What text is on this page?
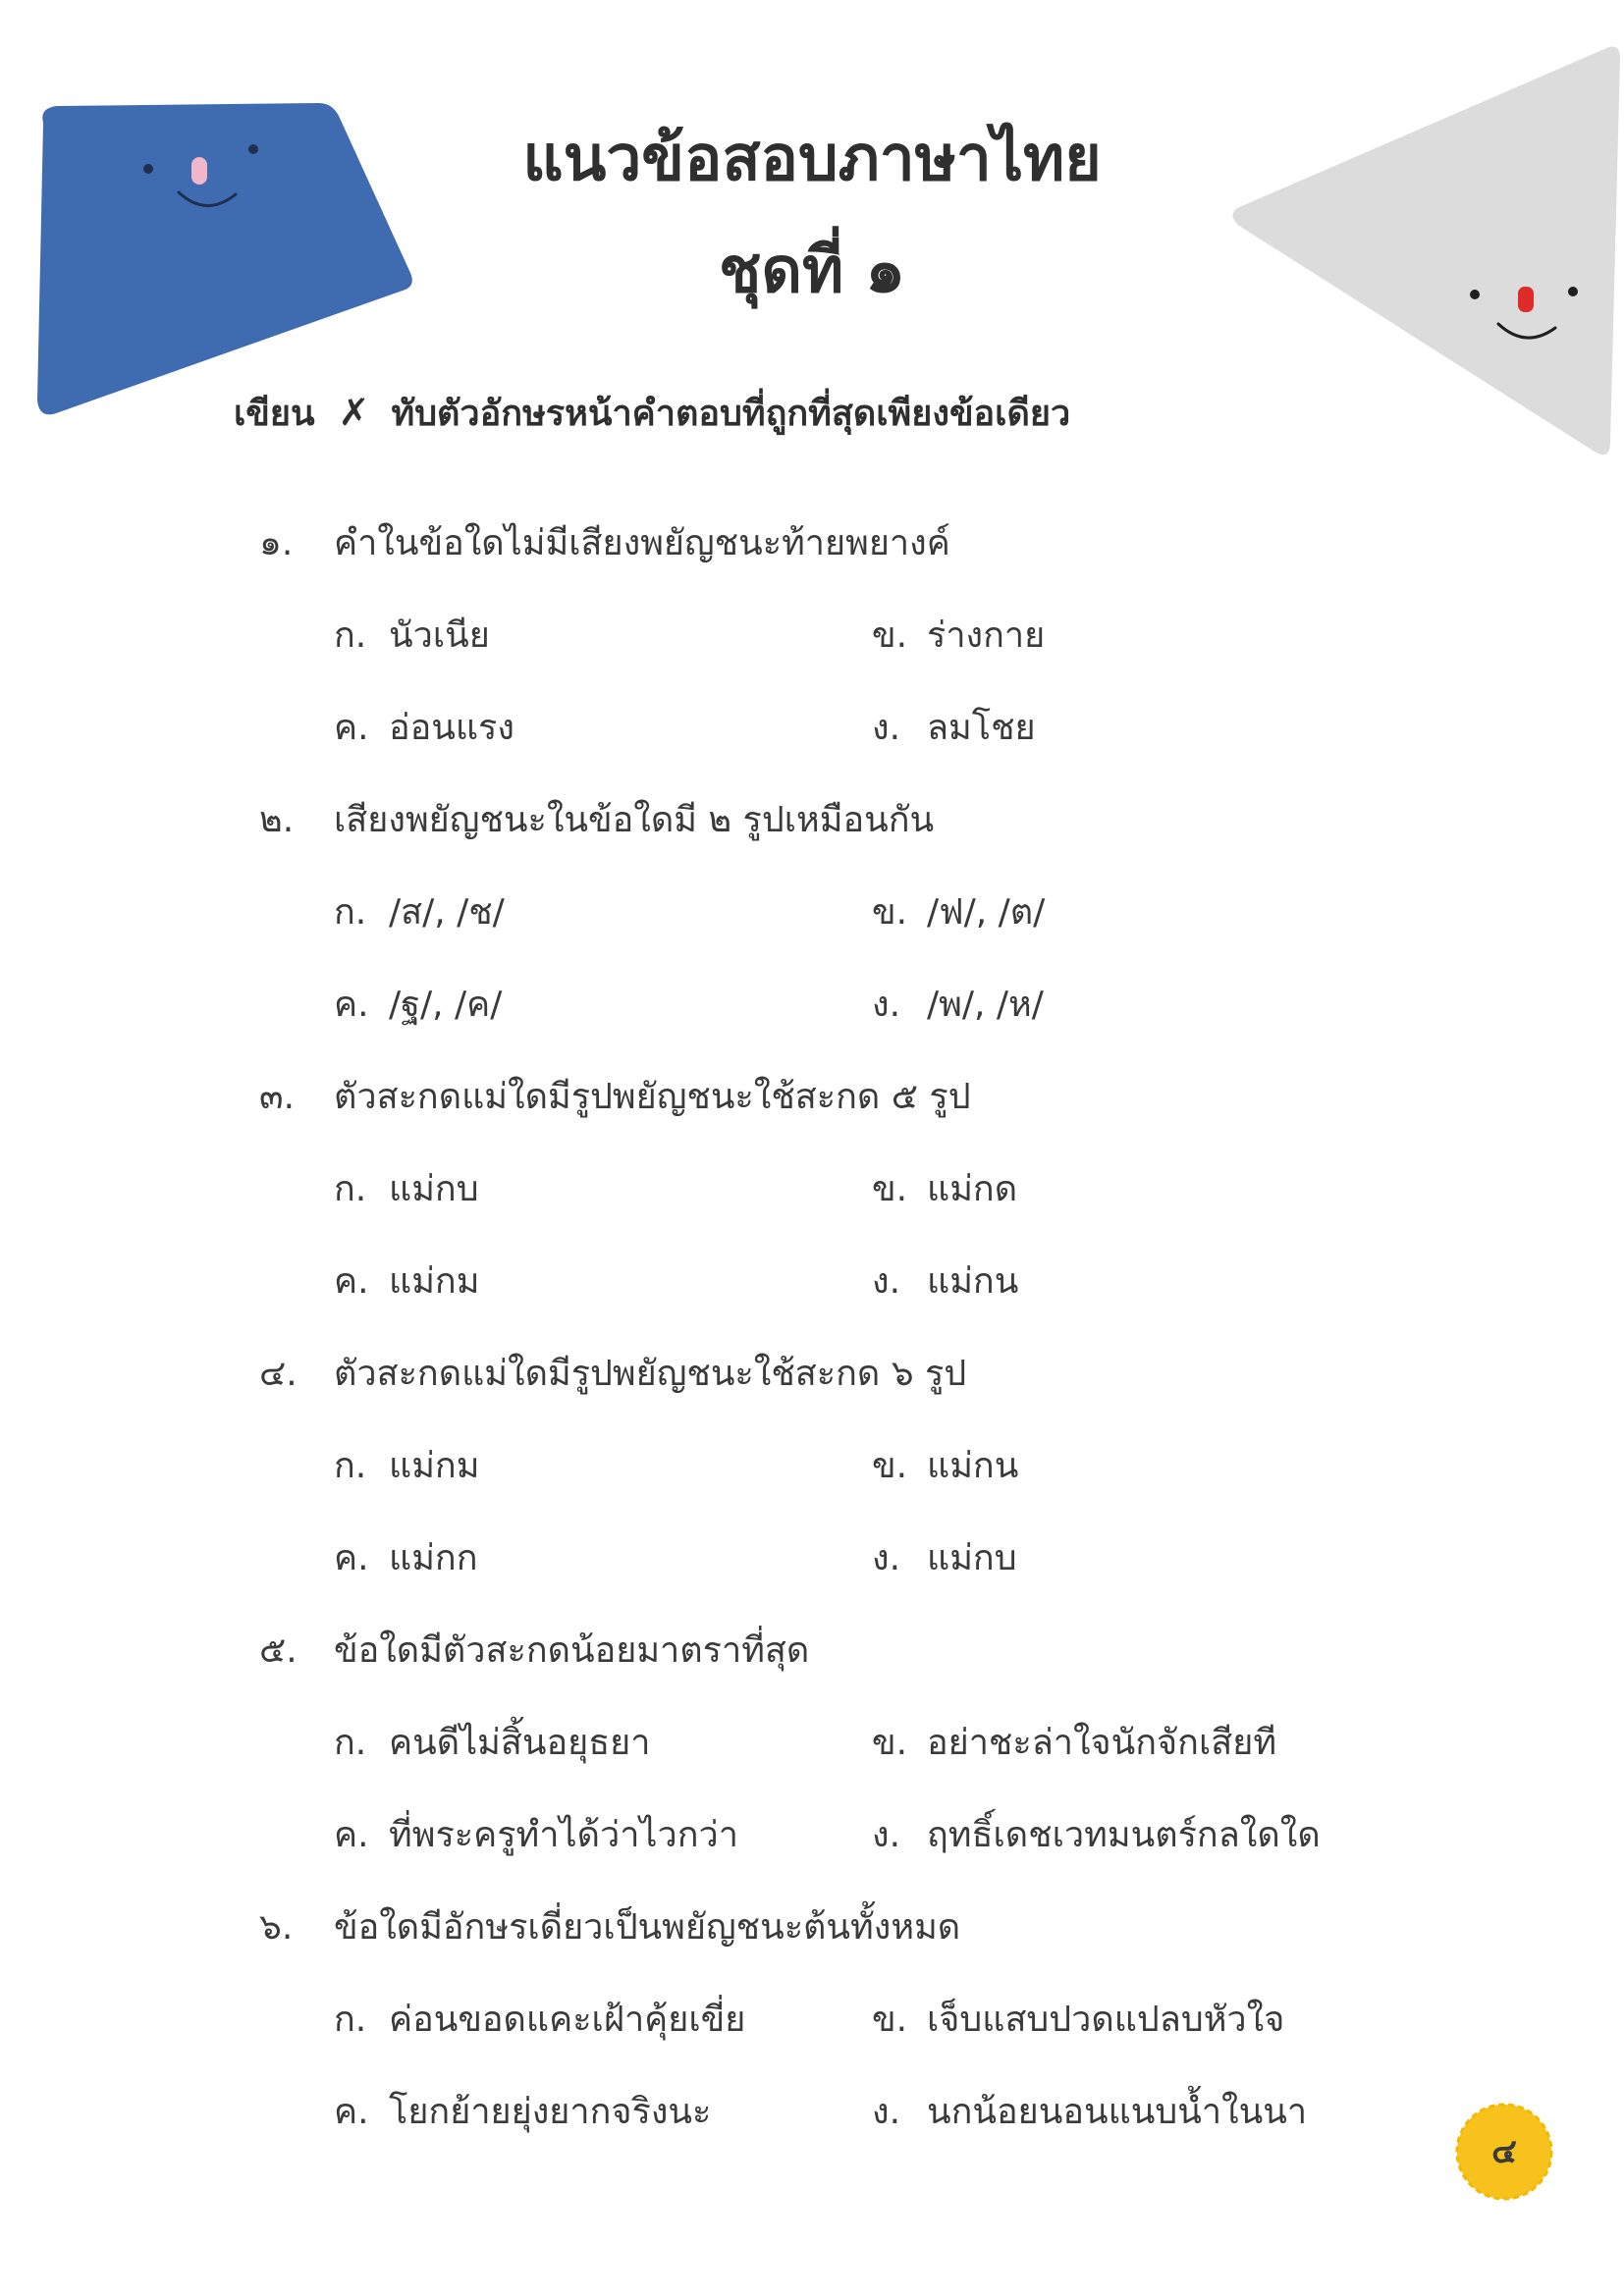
แนวข้อสอบภาษาไทย
ชุดที่ ๑
เขียน ✗ ทับตัวอักษรหน้าคำตอบที่ถูกที่สุดเพียงข้อเดียว
๑. คำในข้อใดไม่มีเสียงพยัญชนะท้ายพยางค์
ก. นัวเนีย	ข. ร่างกาย
ค. อ่อนแรง	ง. ลมโชย
๒. เสียงพยัญชนะในข้อใดมี ๒ รูปเหมือนกัน
ก. /ส/, /ช/	ข. /ฟ/, /ต/
ค. /ฐ/, /ค/	ง. /พ/, /ห/
๓. ตัวสะกดแม่ใดมีรูปพยัญชนะใช้สะกด ๕ รูป
ก. แม่กบ	ข. แม่กด
ค. แม่กม	ง. แม่กน
๔. ตัวสะกดแม่ใดมีรูปพยัญชนะใช้สะกด ๖ รูป
ก. แม่กม	ข. แม่กน
ค. แม่กก	ง. แม่กบ
๕. ข้อใดมีตัวสะกดน้อยมาตราที่สุด
ก. คนดีไม่สิ้นอยุธยา	ข. อย่าชะล่าใจนักจักเสียที
ค. ที่พระครูทำได้ว่าไวกว่า	ง. ฤทธิ์เดชเวทมนตร์กลใดใด
๖. ข้อใดมีอักษรเดี่ยวเป็นพยัญชนะต้นทั้งหมด
ก. ค่อนขอดแคะเฝ้าคุ้ยเขี่ย	ข. เจ็บแสบปวดแปลบหัวใจ
ค. โยกย้ายยุ่งยากจริงนะ	ง. นกน้อยนอนแนบน้ำในนา
๔
